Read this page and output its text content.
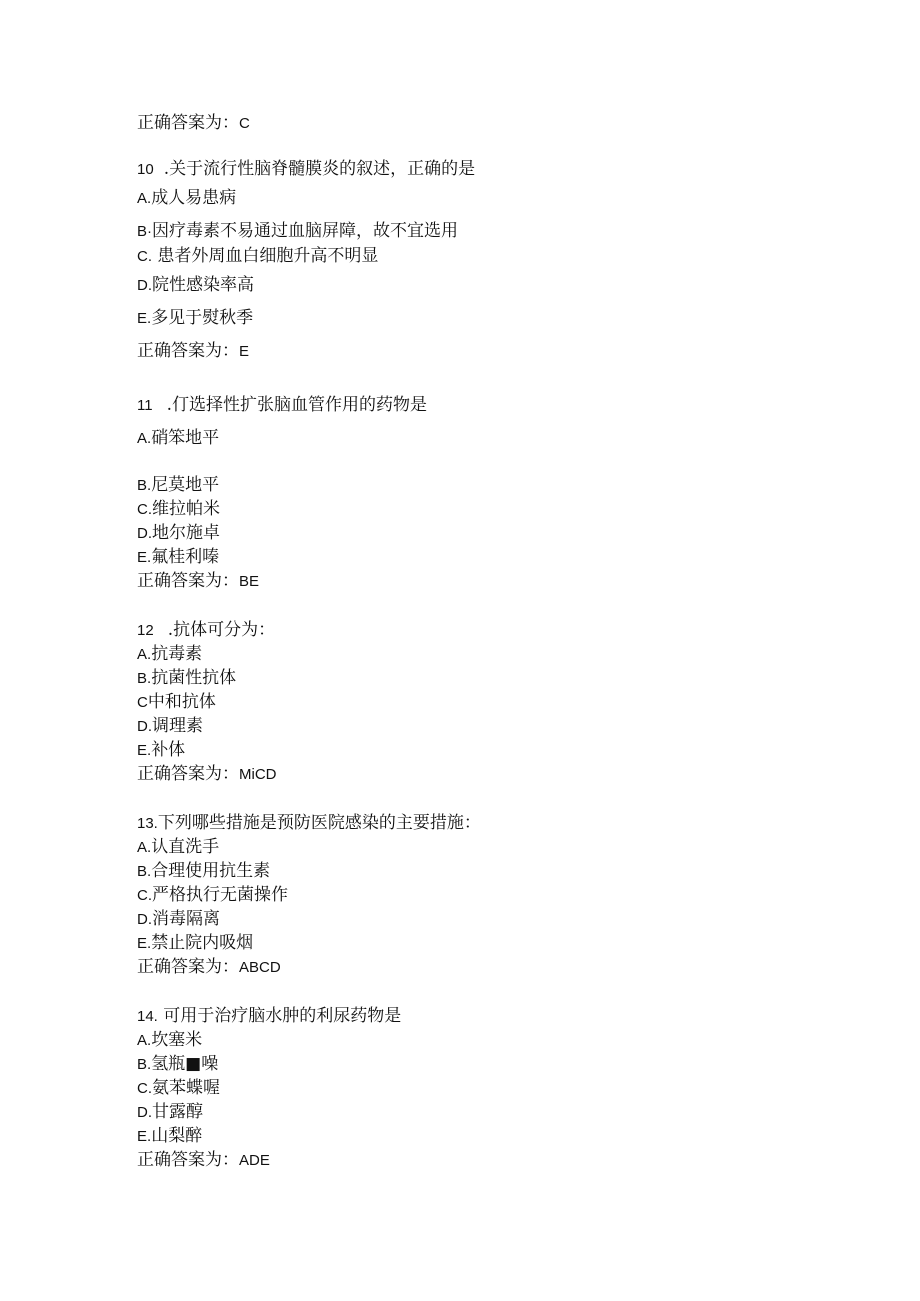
正确答案为：C
10 .关于流行性脑脊髓膜炎的叙述，正确的是
A.成人易患病
B·因疗毒素不易通过血脑屏障，故不宜选用
C. 患者外周血白细胞升高不明显
D.院性感染率高
E.多见于熨秋季
正确答案为：E
11 .仃选择性扩张脑血管作用的药物是
A.硝笨地平
B.尼莫地平
C.维拉帕米
D.地尔施卓
E.氟桂利嗪
正确答案为：BE
12 .抗体可分为：
A.抗毒素
B.抗菌性抗体
C中和抗体
D.调理素
E.补体
正确答案为：MiCD
13.下列哪些措施是预防医院感染的主要措施：
A.认直洗手
B.合理使用抗生素
C.严格执行无菌操作
D.消毒隔离
E.禁止院内吸烟
正确答案为：ABCD
14. 可用于治疗脑水肿的利尿药物是
A.坎塞米
B.氢瓶■噪
C.氨苯蝶喔
D.甘露醇
E.山梨醉
正确答案为：ADE
